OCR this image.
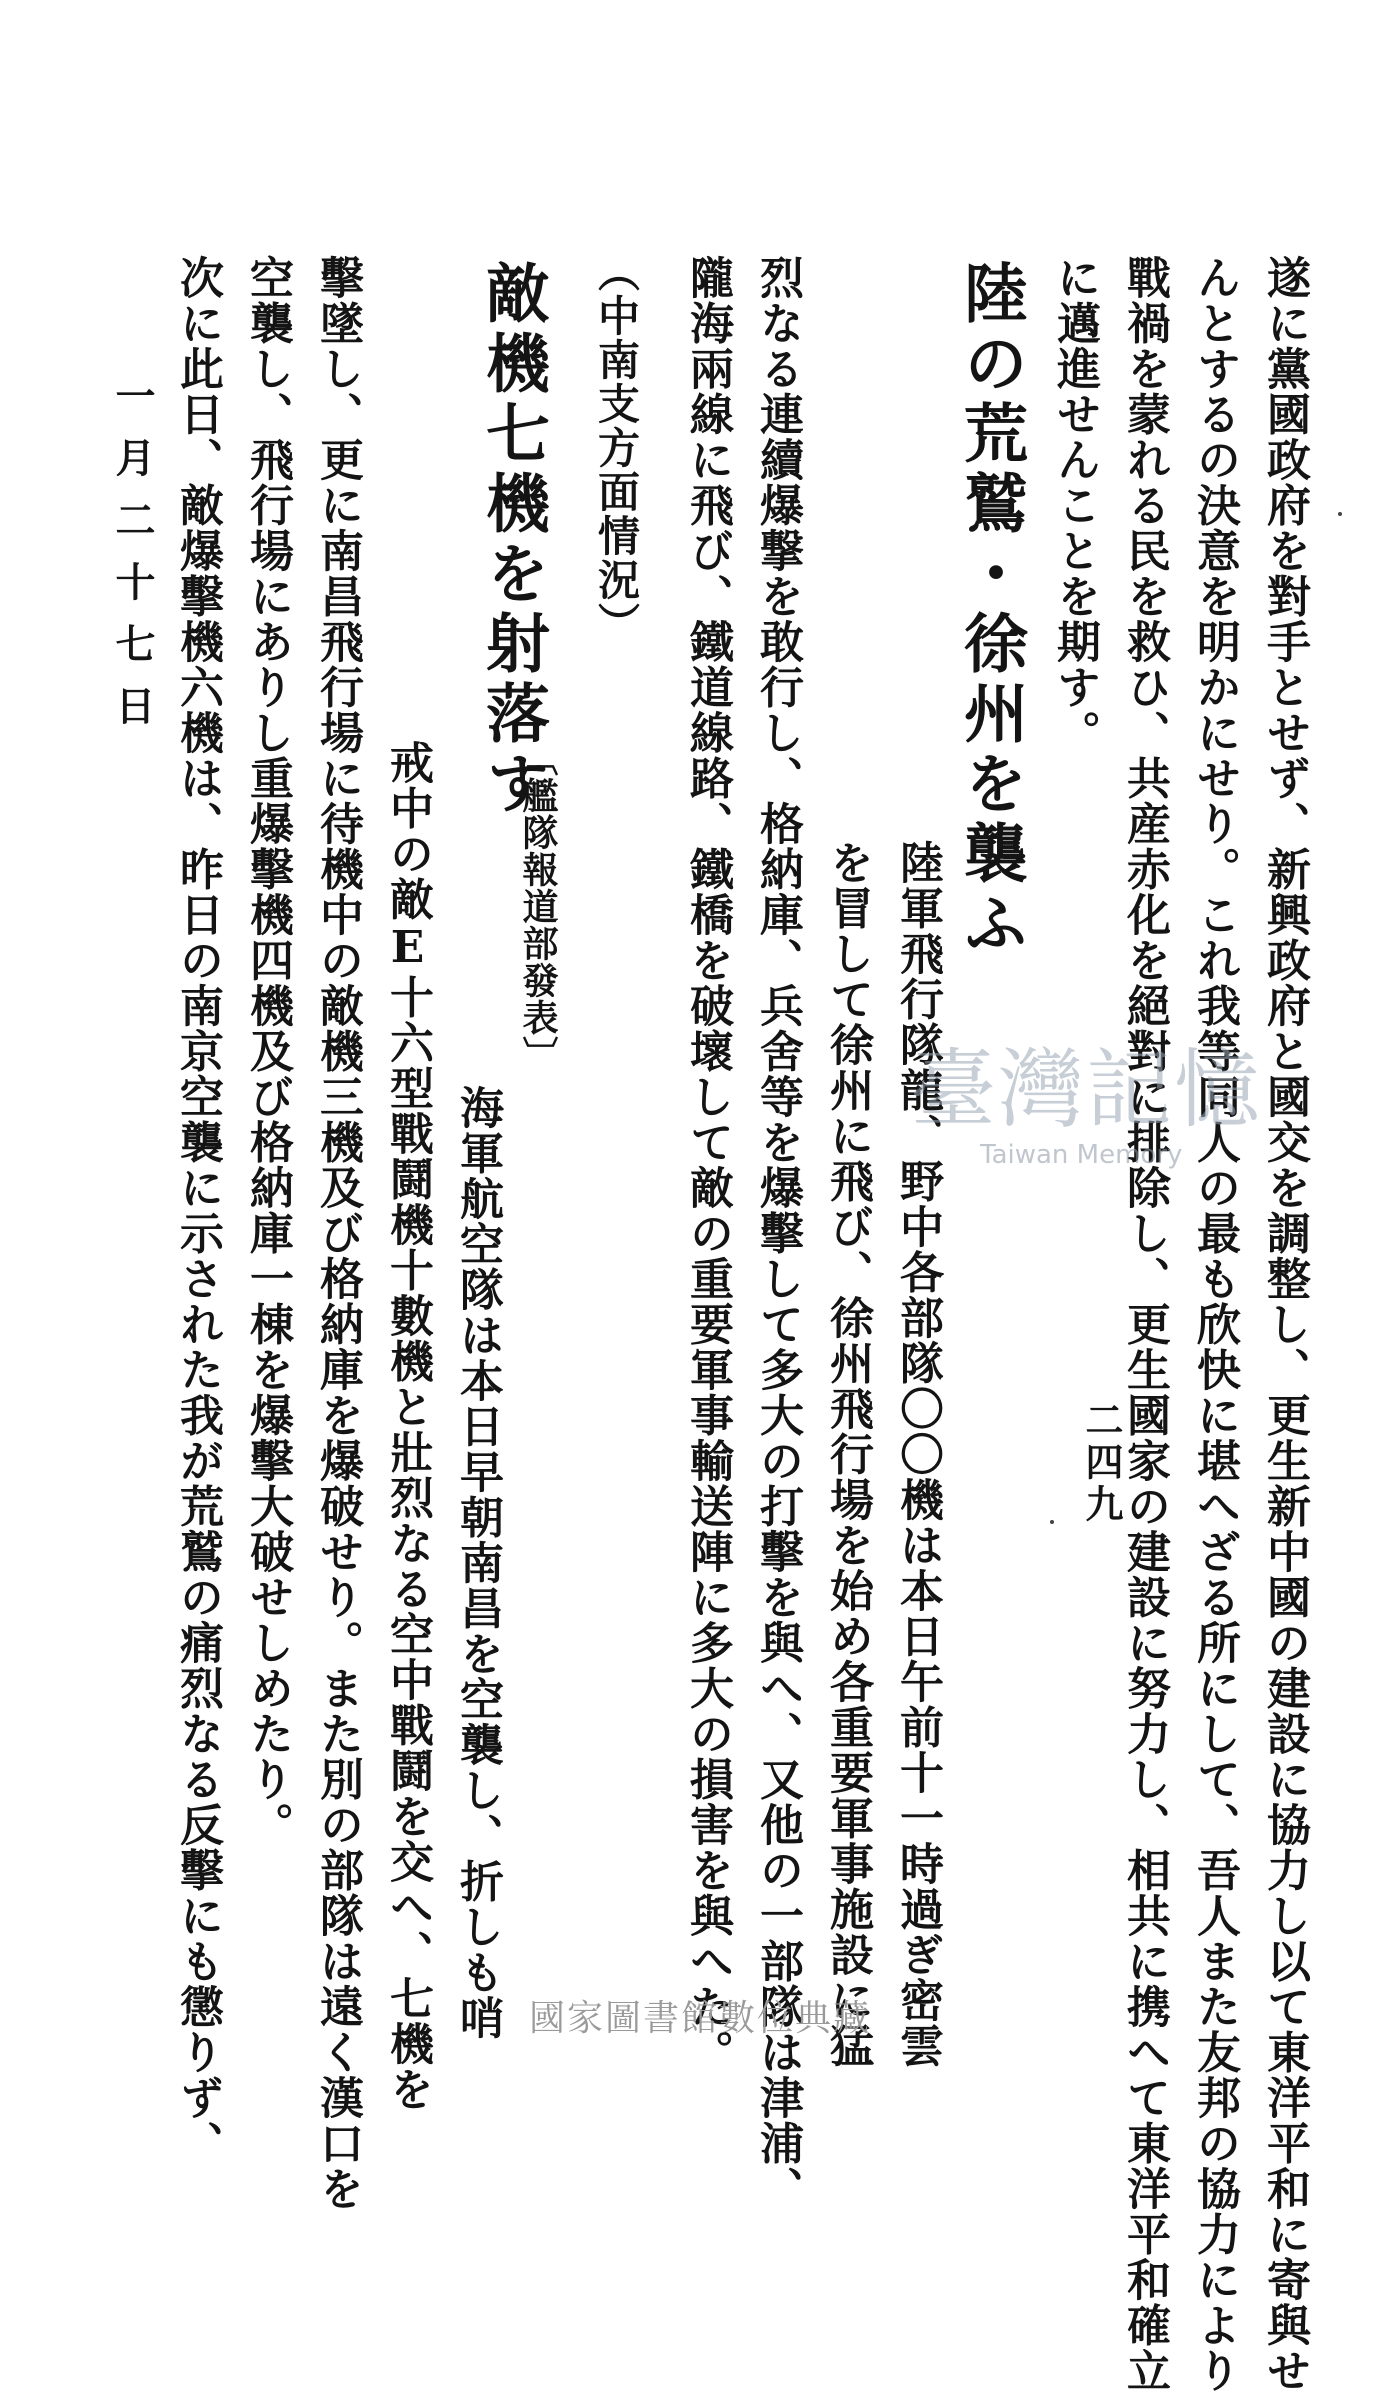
遂に黨國政府を對手とせず、新興政府と國交を調整し、更生新中國の建設に協力し以て東洋平和に寄與せ
んとするの決意を明かにせり。これ我等同人の最も欣快に堪へざる所にして、吾人また友邦の協力により
戰禍を蒙れる民を救ひ、共産赤化を絕對に排除し、更生國家の建設に努力し、相共に携へて東洋平和確立
に邁進せんことを期す。
陸の荒鷲・徐州を襲ふ
陸軍飛行隊龍、野中各部隊〇〇機は本日午前十一時過ぎ密雲
を冒して徐州に飛び、徐州飛行場を始め各重要軍事施設に猛
烈なる連續爆撃を敢行し、格納庫、兵舍等を爆擊して多大の打擊を與へ、又他の一部隊は津浦、
隴海兩線に飛び、鐵道線路、鐵橋を破壞して敵の重要軍事輸送陣に多大の損害を與へた。
（中南支方面情況）
敵機七機を射落す
〔艦隊報道部發表〕
海軍航空隊は本日早朝南昌を空襲し、折しも哨
戒中の敵E十六型戰鬪機十數機と壯烈なる空中戰鬪を交へ、七機を
擊墜し、更に南昌飛行場に待機中の敵機三機及び格納庫を爆破せり。また別の部隊は遠く漢口を
空襲し、飛行場にありし重爆擊機四機及び格納庫一棟を爆擊大破せしめたり。
次に此日、敵爆擊機六機は、昨日の南京空襲に示された我が荒鷲の痛烈なる反擊にも懲りず、
一月二十七日
二四九
臺灣記憶
Taiwan Memory
國家圖書館數位典藏
